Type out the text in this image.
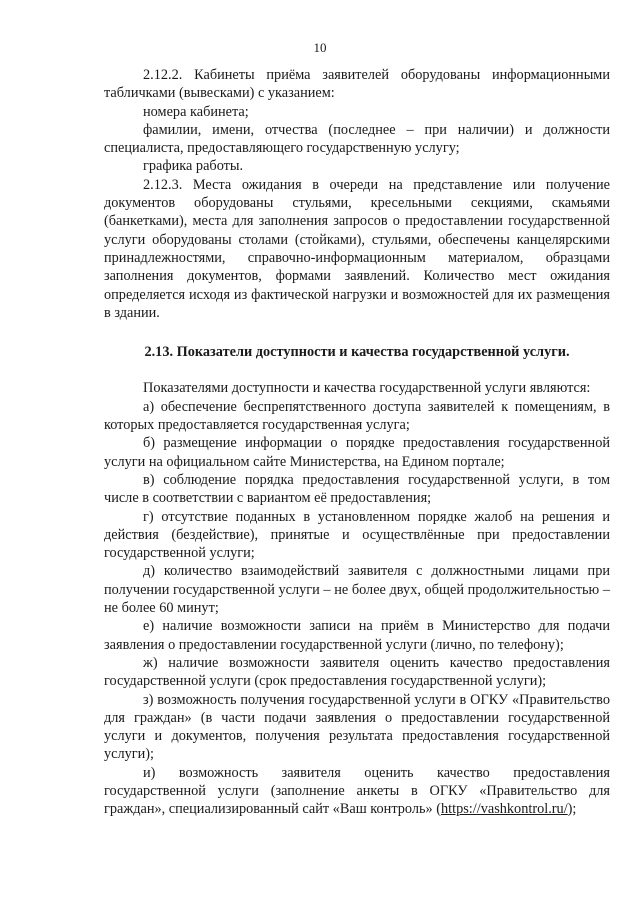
10

2.12.2. Кабинеты приёма заявителей оборудованы информационными табличками (вывесками) с указанием:

номера кабинета;

фамилии, имени, отчества (последнее – при наличии) и должности специалиста, предоставляющего государственную услугу;

графика работы.

2.12.3. Места ожидания в очереди на представление или получение документов оборудованы стульями, кресельными секциями, скамьями (банкетками), места для заполнения запросов о предоставлении государственной услуги оборудованы столами (стойками), стульями, обеспечены канцелярскими принадлежностями, справочно-информационным материалом, образцами заполнения документов, формами заявлений. Количество мест ожидания определяется исходя из фактической нагрузки и возможностей для их размещения в здании.

2.13. Показатели доступности и качества государственной услуги.

Показателями доступности и качества государственной услуги являются:

а) обеспечение беспрепятственного доступа заявителей к помещениям, в которых предоставляется государственная услуга;

б) размещение информации о порядке предоставления государственной услуги на официальном сайте Министерства, на Едином портале;

в) соблюдение порядка предоставления государственной услуги, в том числе в соответствии с вариантом её предоставления;

г) отсутствие поданных в установленном порядке жалоб на решения и действия (бездействие), принятые и осуществлённые при предоставлении государственной услуги;

д) количество взаимодействий заявителя с должностными лицами при получении государственной услуги – не более двух, общей продолжительностью – не более 60 минут;

е) наличие возможности записи на приём в Министерство для подачи заявления о предоставлении государственной услуги (лично, по телефону);

ж) наличие возможности заявителя оценить качество предоставления государственной услуги (срок предоставления государственной услуги);

з) возможность получения государственной услуги в ОГКУ «Правительство для граждан» (в части подачи заявления о предоставлении государственной услуги и документов, получения результата предоставления государственной услуги);

и) возможность заявителя оценить качество предоставления государственной услуги (заполнение анкеты в ОГКУ «Правительство для граждан», специализированный сайт «Ваш контроль» (https://vashkontrol.ru/);
